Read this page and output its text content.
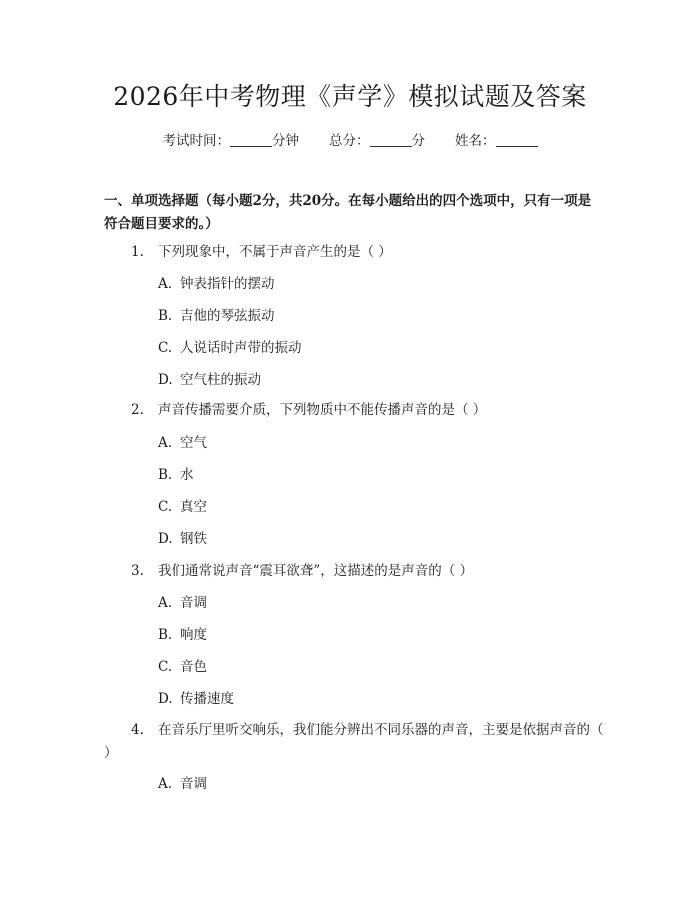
2026年中考物理《声学》模拟试题及答案
考试时间：	分钟 总分：	分 姓名：
一、单项选择题（每小题2分，共20分。在每小题给出的四个选项中，只有一项是符合题目要求的。）
1. 下列现象中，不属于声音产生的是（ ）
A. 钟表指针的摆动
B. 吉他的琴弦振动
C. 人说话时声带的振动
D. 空气柱的振动
2. 声音传播需要介质，下列物质中不能传播声音的是（ ）
A. 空气
B. 水
C. 真空
D. 钢铁
3. 我们通常说声音“震耳欲聋”，这描述的是声音的（ ）
A. 音调
B. 响度
C. 音色
D. 传播速度
4. 在音乐厅里听交响乐，我们能分辨出不同乐器的声音，主要是依据声音的（ ）
A. 音调
